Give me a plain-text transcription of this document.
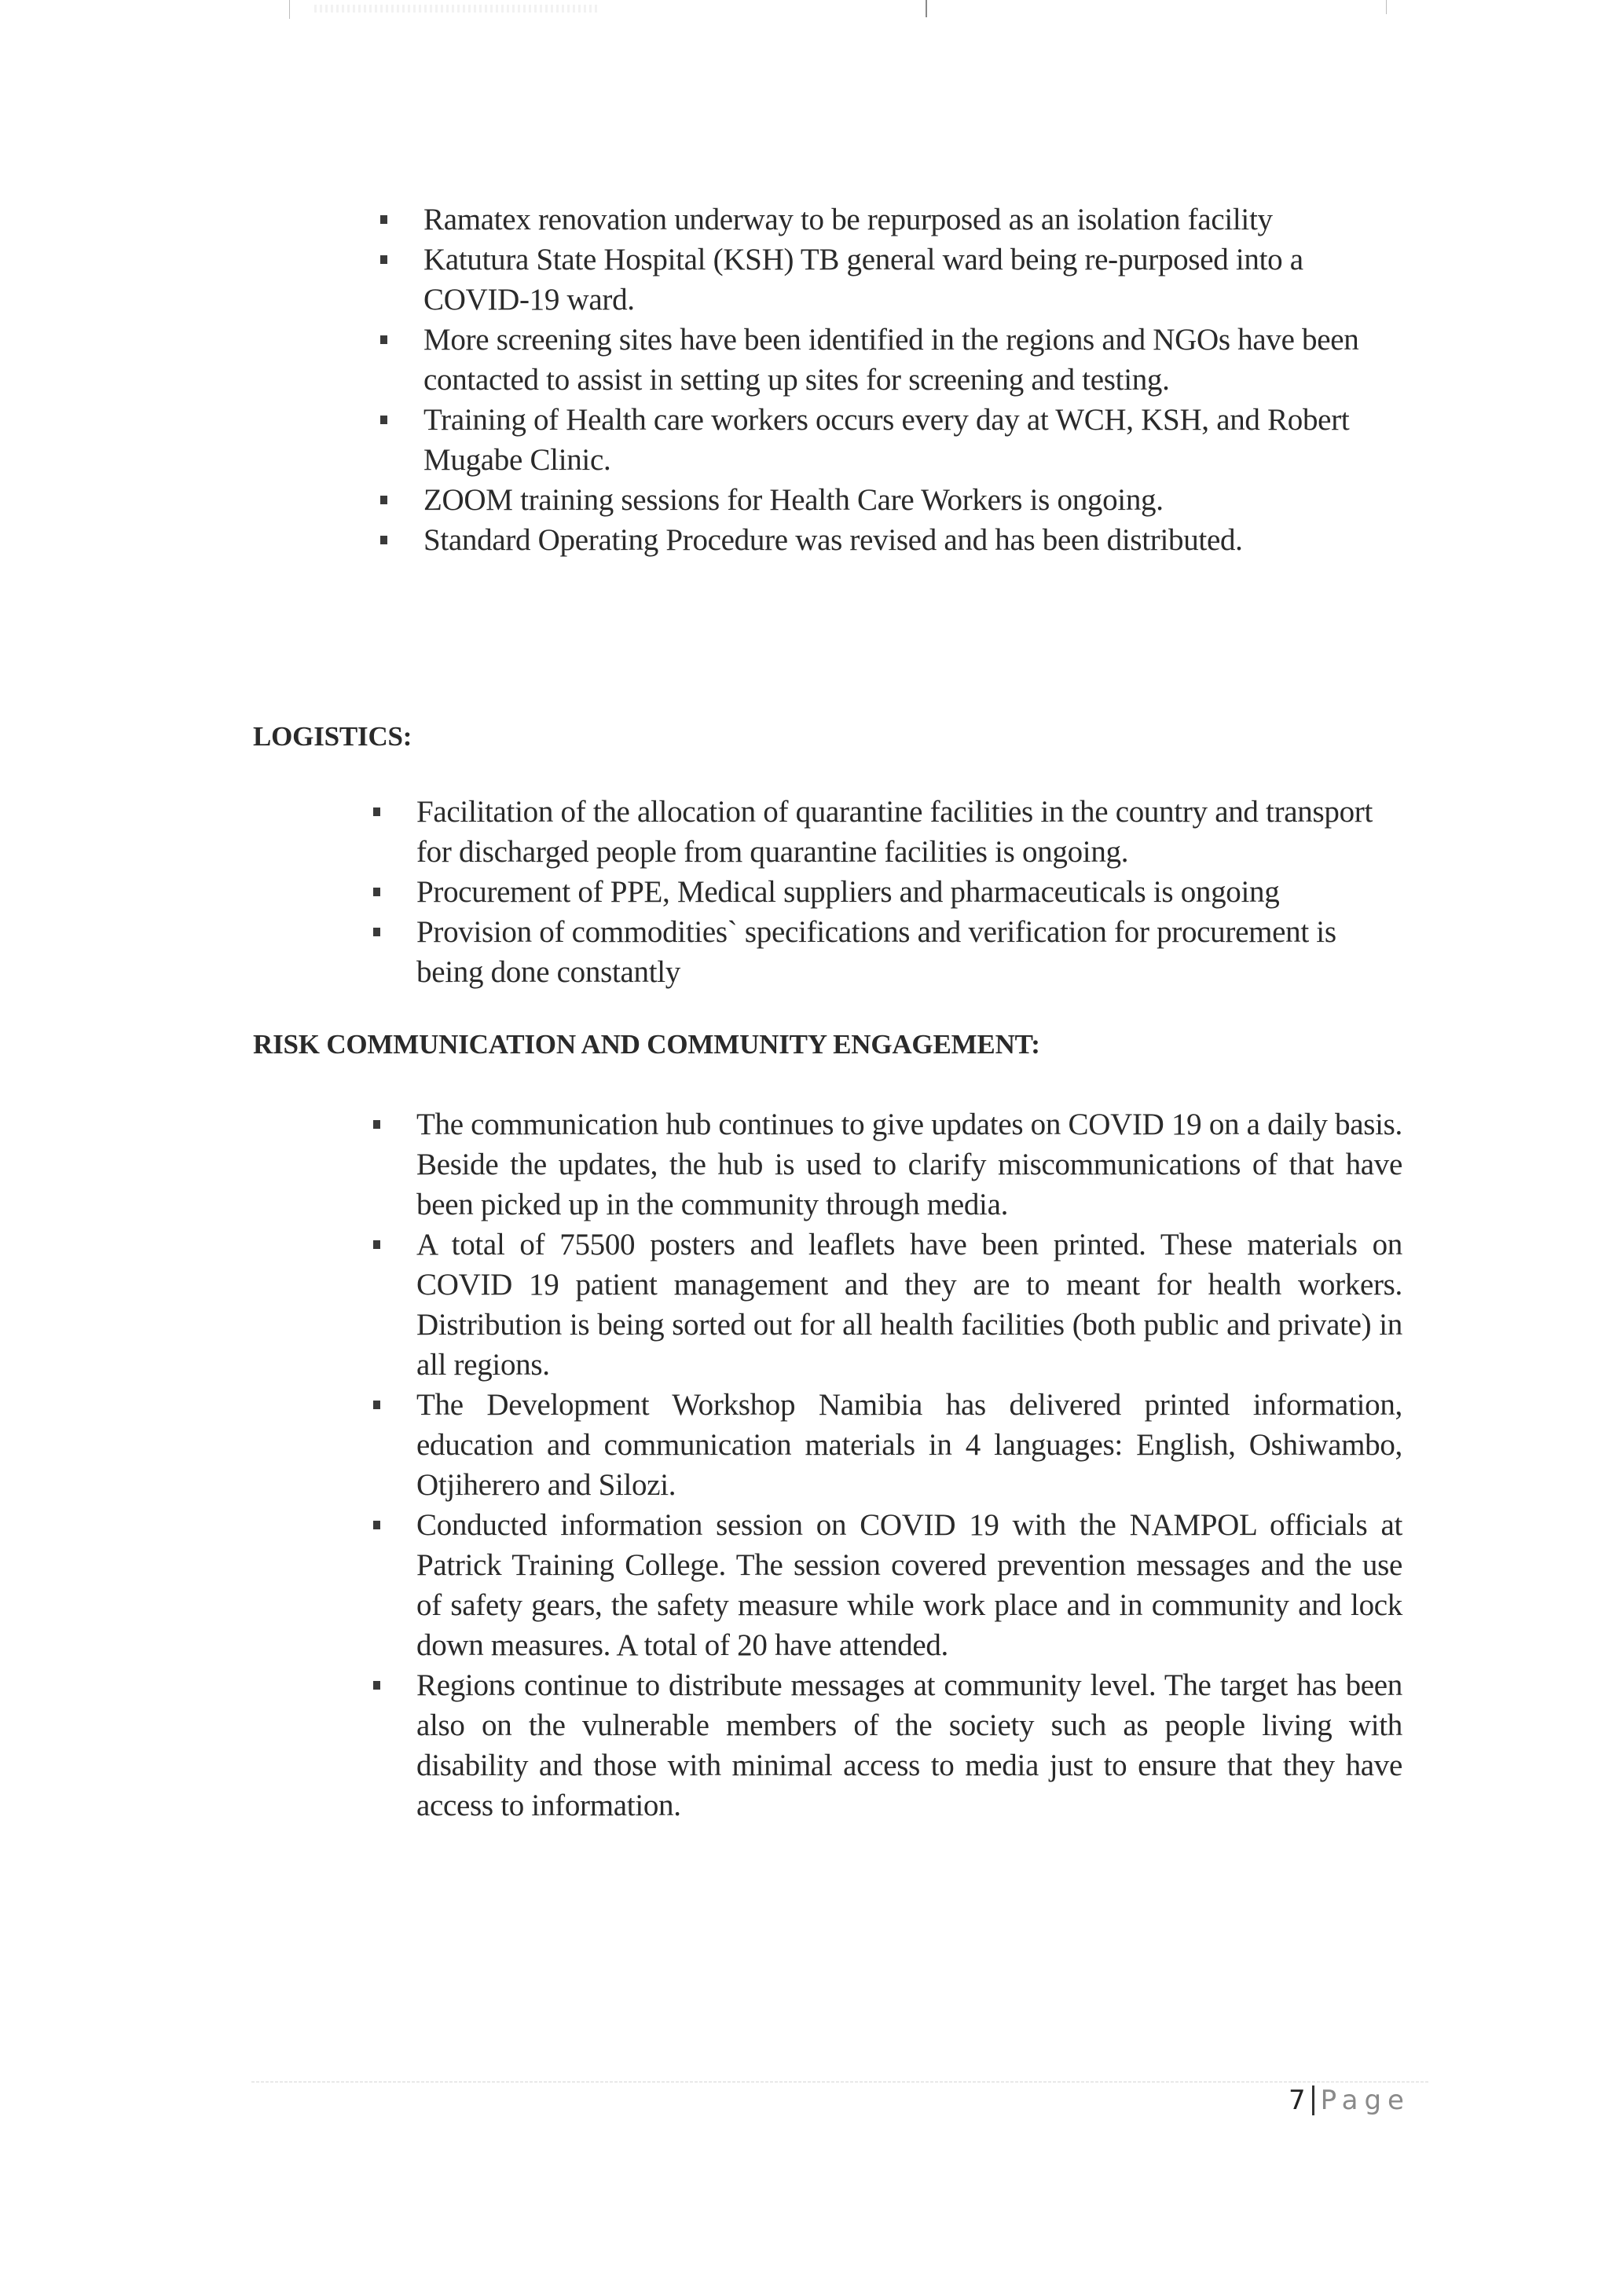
Ramatex renovation underway to be repurposed as an isolation facility
Katutura State Hospital (KSH) TB general ward being re-purposed into a COVID-19 ward.
More screening sites have been identified in the regions and NGOs have been contacted to assist in setting up sites for screening and testing.
Training of Health care workers occurs every day at WCH, KSH, and Robert Mugabe Clinic.
ZOOM training sessions for Health Care Workers is ongoing.
Standard Operating Procedure was revised and has been distributed.
LOGISTICS:
Facilitation of the allocation of quarantine facilities in the country and transport for discharged people from quarantine facilities is ongoing.
Procurement of PPE, Medical suppliers and pharmaceuticals is ongoing
Provision of commodities` specifications and verification for procurement is being done constantly
RISK COMMUNICATION AND COMMUNITY ENGAGEMENT:
The communication hub continues to give updates on COVID 19 on a daily basis. Beside the updates, the hub is used to clarify miscommunications of that have been picked up in the community through media.
A total of 75500 posters and leaflets have been printed. These materials on COVID 19 patient management and they are to meant for health workers. Distribution is being sorted out for all health facilities (both public and private) in all regions.
The Development Workshop Namibia has delivered printed information, education and communication materials in 4 languages: English, Oshiwambo, Otjiherero and Silozi.
Conducted information session on COVID 19 with the NAMPOL officials at Patrick Training College. The session covered prevention messages and the use of safety gears, the safety measure while work place and in community and lock down measures. A total of 20 have attended.
Regions continue to distribute messages at community level. The target has been also on the vulnerable members of the society such as people living with disability and those with minimal access to media just to ensure that they have access to information.
7 Page
